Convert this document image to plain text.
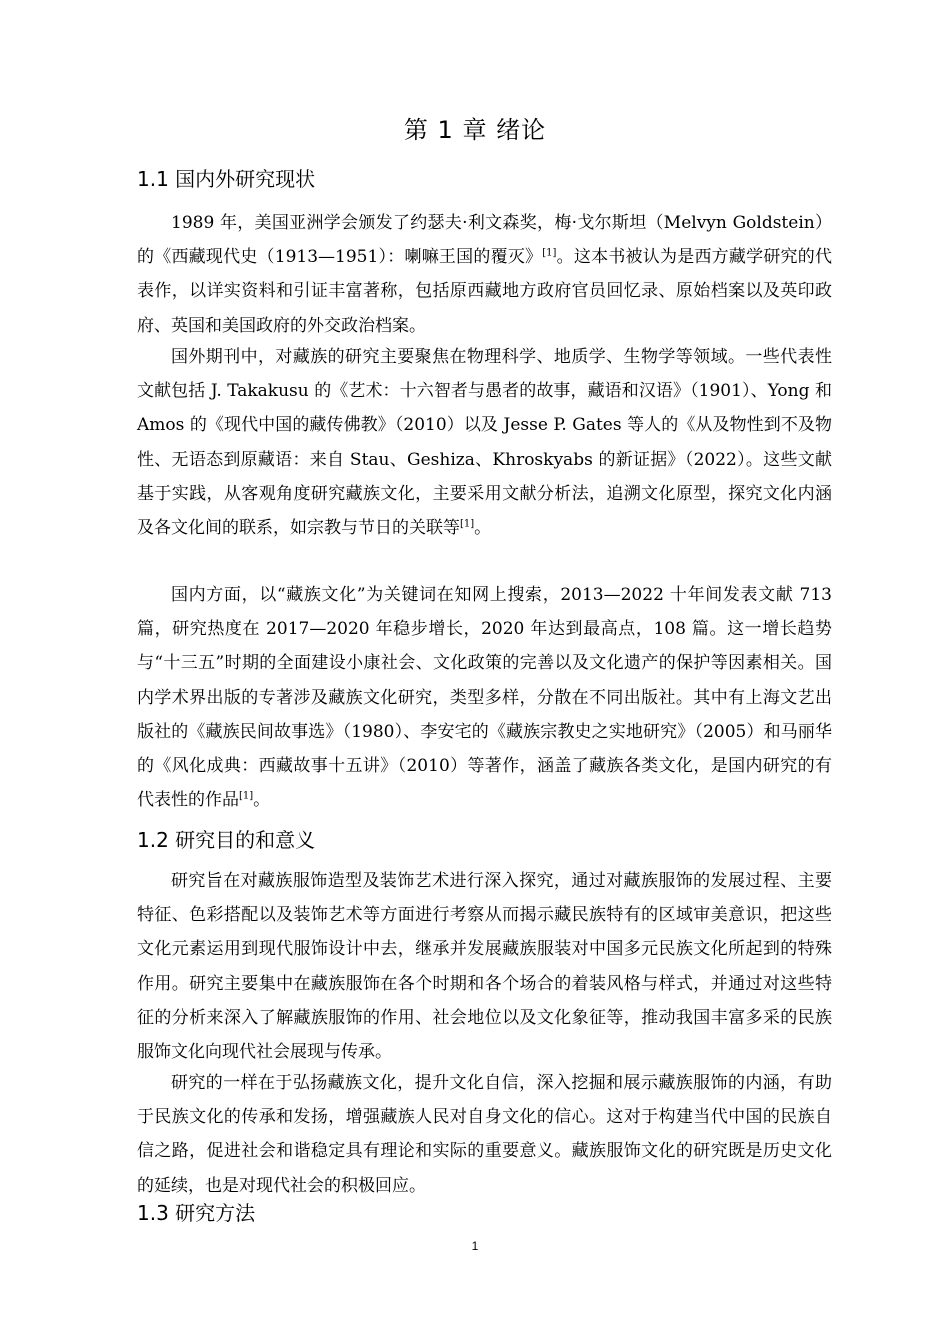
第 1 章 绪论
1.1 国内外研究现状

1989 年，美国亚洲学会颁发了约瑟夫·利文森奖，梅·戈尔斯坦（Melvyn Goldstein）的《西藏现代史（1913—1951）：喇嘛王国的覆灭》[1]。这本书被认为是西方藏学研究的代表作，以详实资料和引证丰富著称，包括原西藏地方政府官员回忆录、原始档案以及英印政府、英国和美国政府的外交政治档案。

国外期刊中，对藏族的研究主要聚焦在物理科学、地质学、生物学等领域。一些代表性文献包括 J. Takakusu 的《艺术：十六智者与愚者的故事，藏语和汉语》（1901）、Yong 和 Amos 的《现代中国的藏传佛教》（2010）以及 Jesse P. Gates 等人的《从及物性到不及物性、无语态到原藏语：来自 Stau、Geshiza、Khroskyabs 的新证据》（2022）。这些文献基于实践，从客观角度研究藏族文化，主要采用文献分析法，追溯文化原型，探究文化内涵及各文化间的联系，如宗教与节日的关联等[1]。

国内方面，以“藏族文化”为关键词在知网上搜索，2013—2022 十年间发表文献 713 篇，研究热度在 2017—2020 年稳步增长，2020 年达到最高点，108 篇。这一增长趋势与“十三五”时期的全面建设小康社会、文化政策的完善以及文化遗产的保护等因素相关。国内学术界出版的专著涉及藏族文化研究，类型多样，分散在不同出版社。其中有上海文艺出版社的《藏族民间故事选》（1980）、李安宅的《藏族宗教史之实地研究》（2005）和马丽华的《风化成典：西藏故事十五讲》（2010）等著作，涵盖了藏族各类文化，是国内研究的有代表性的作品[1]。

1.2 研究目的和意义

研究旨在对藏族服饰造型及装饰艺术进行深入探究，通过对藏族服饰的发展过程、主要特征、色彩搭配以及装饰艺术等方面进行考察从而揭示藏民族特有的区域审美意识，把这些文化元素运用到现代服饰设计中去，继承并发展藏族服装对中国多元民族文化所起到的特殊作用。研究主要集中在藏族服饰在各个时期和各个场合的着装风格与样式，并通过对这些特征的分析来深入了解藏族服饰的作用、社会地位以及文化象征等，推动我国丰富多采的民族服饰文化向现代社会展现与传承。

研究的一样在于弘扬藏族文化，提升文化自信，深入挖掘和展示藏族服饰的内涵，有助于民族文化的传承和发扬，增强藏族人民对自身文化的信心。这对于构建当代中国的民族自信之路，促进社会和谐稳定具有理论和实际的重要意义。藏族服饰文化的研究既是历史文化的延续，也是对现代社会的积极回应。

1.3 研究方法
1
